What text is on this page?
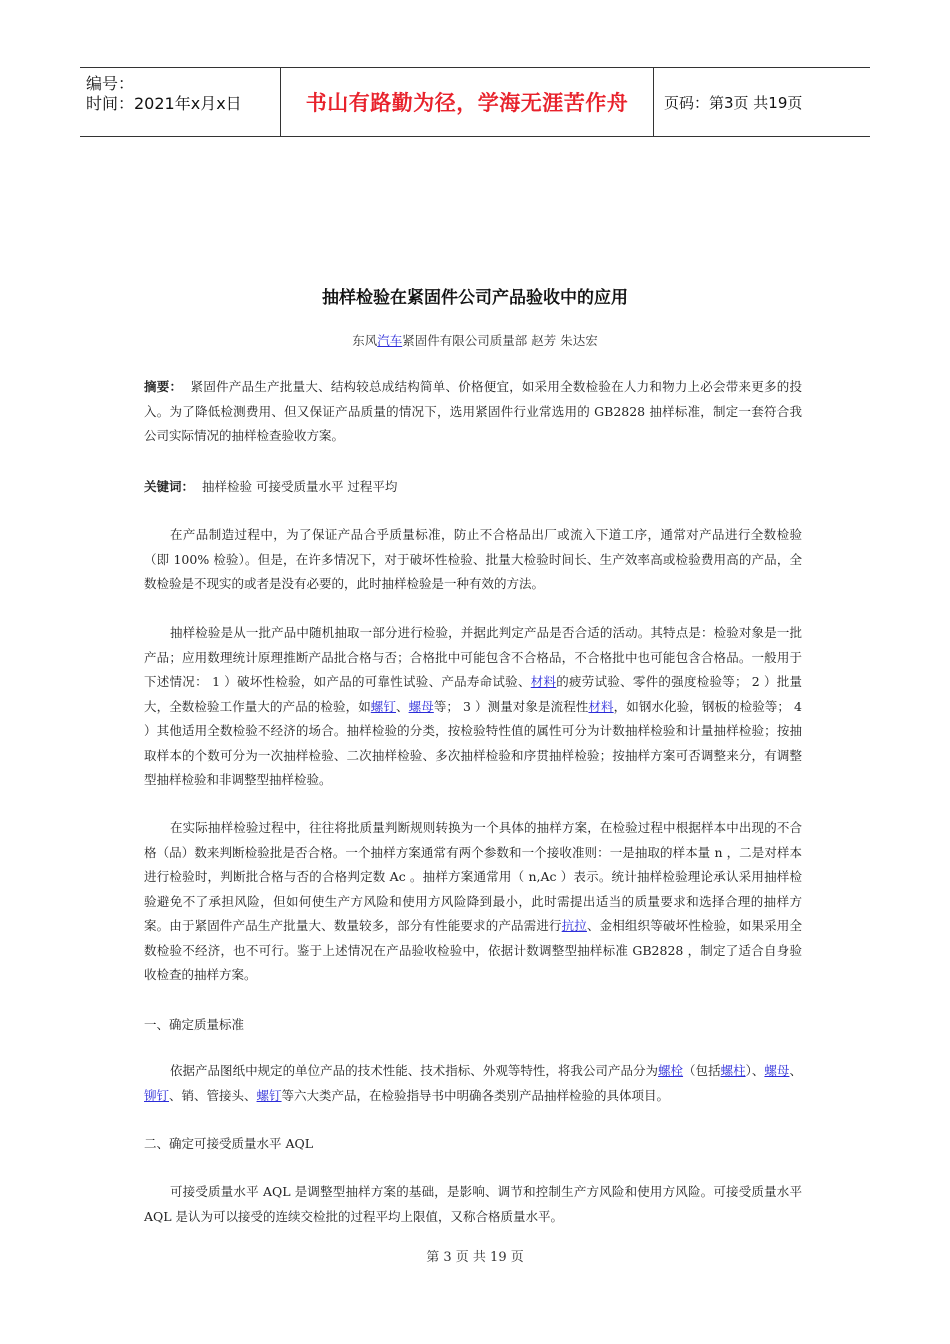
编号：
时间：2021年x月x日	书山有路勤为径，学海无涯苦作舟	页码：第3页 共19页
抽样检验在紧固件公司产品验收中的应用
东风汽车紧固件有限公司质量部 赵芳 朱达宏

摘要： 紧固件产品生产批量大、结构较总成结构简单、价格便宜，如采用全数检验在人力和物力上必会带来更多的投入。为了降低检测费用、但又保证产品质量的情况下，选用紧固件行业常选用的 GB2828 抽样标准，制定一套符合我公司实际情况的抽样检查验收方案。

关键词： 抽样检验 可接受质量水平 过程平均

在产品制造过程中，为了保证产品合乎质量标准，防止不合格品出厂或流入下道工序，通常对产品进行全数检验（即 100% 检验）。但是，在许多情况下，对于破坏性检验、批量大检验时间长、生产效率高或检验费用高的产品，全数检验是不现实的或者是没有必要的，此时抽样检验是一种有效的方法。

抽样检验是从一批产品中随机抽取一部分进行检验，并据此判定产品是否合适的活动。其特点是：检验对象是一批产品；应用数理统计原理推断产品批合格与否；合格批中可能包含不合格品，不合格批中也可能包含合格品。一般用于下述情况： 1 ）破坏性检验，如产品的可靠性试验、产品寿命试验、材料的疲劳试验、零件的强度检验等； 2 ）批量大，全数检验工作量大的产品的检验，如螺钉、螺母等； 3 ）测量对象是流程性材料，如钢水化验，钢板的检验等； 4 ）其他适用全数检验不经济的场合。抽样检验的分类，按检验特性值的属性可分为计数抽样检验和计量抽样检验；按抽取样本的个数可分为一次抽样检验、二次抽样检验、多次抽样检验和序贯抽样检验；按抽样方案可否调整来分，有调整型抽样检验和非调整型抽样检验。

在实际抽样检验过程中，往往将批质量判断规则转换为一个具体的抽样方案，在检验过程中根据样本中出现的不合格（品）数来判断检验批是否合格。一个抽样方案通常有两个参数和一个接收准则：一是抽取的样本量 n ，二是对样本进行检验时，判断批合格与否的合格判定数 Ac 。抽样方案通常用（ n,Ac ）表示。统计抽样检验理论承认采用抽样检验避免不了承担风险，但如何使生产方风险和使用方风险降到最小，此时需提出适当的质量要求和选择合理的抽样方案。由于紧固件产品生产批量大、数量较多，部分有性能要求的产品需进行抗拉、金相组织等破坏性检验，如果采用全数检验不经济，也不可行。鉴于上述情况在产品验收检验中，依据计数调整型抽样标准 GB2828 ，制定了适合自身验收检查的抽样方案。

一、确定质量标准

依据产品图纸中规定的单位产品的技术性能、技术指标、外观等特性，将我公司产品分为螺栓（包括螺柱）、螺母、铆钉、销、管接头、螺钉等六大类产品，在检验指导书中明确各类别产品抽样检验的具体项目。

二、确定可接受质量水平 AQL

可接受质量水平 AQL 是调整型抽样方案的基础，是影响、调节和控制生产方风险和使用方风险。可接受质量水平 AQL 是认为可以接受的连续交检批的过程平均上限值，又称合格质量水平。

第 3 页 共 19 页
